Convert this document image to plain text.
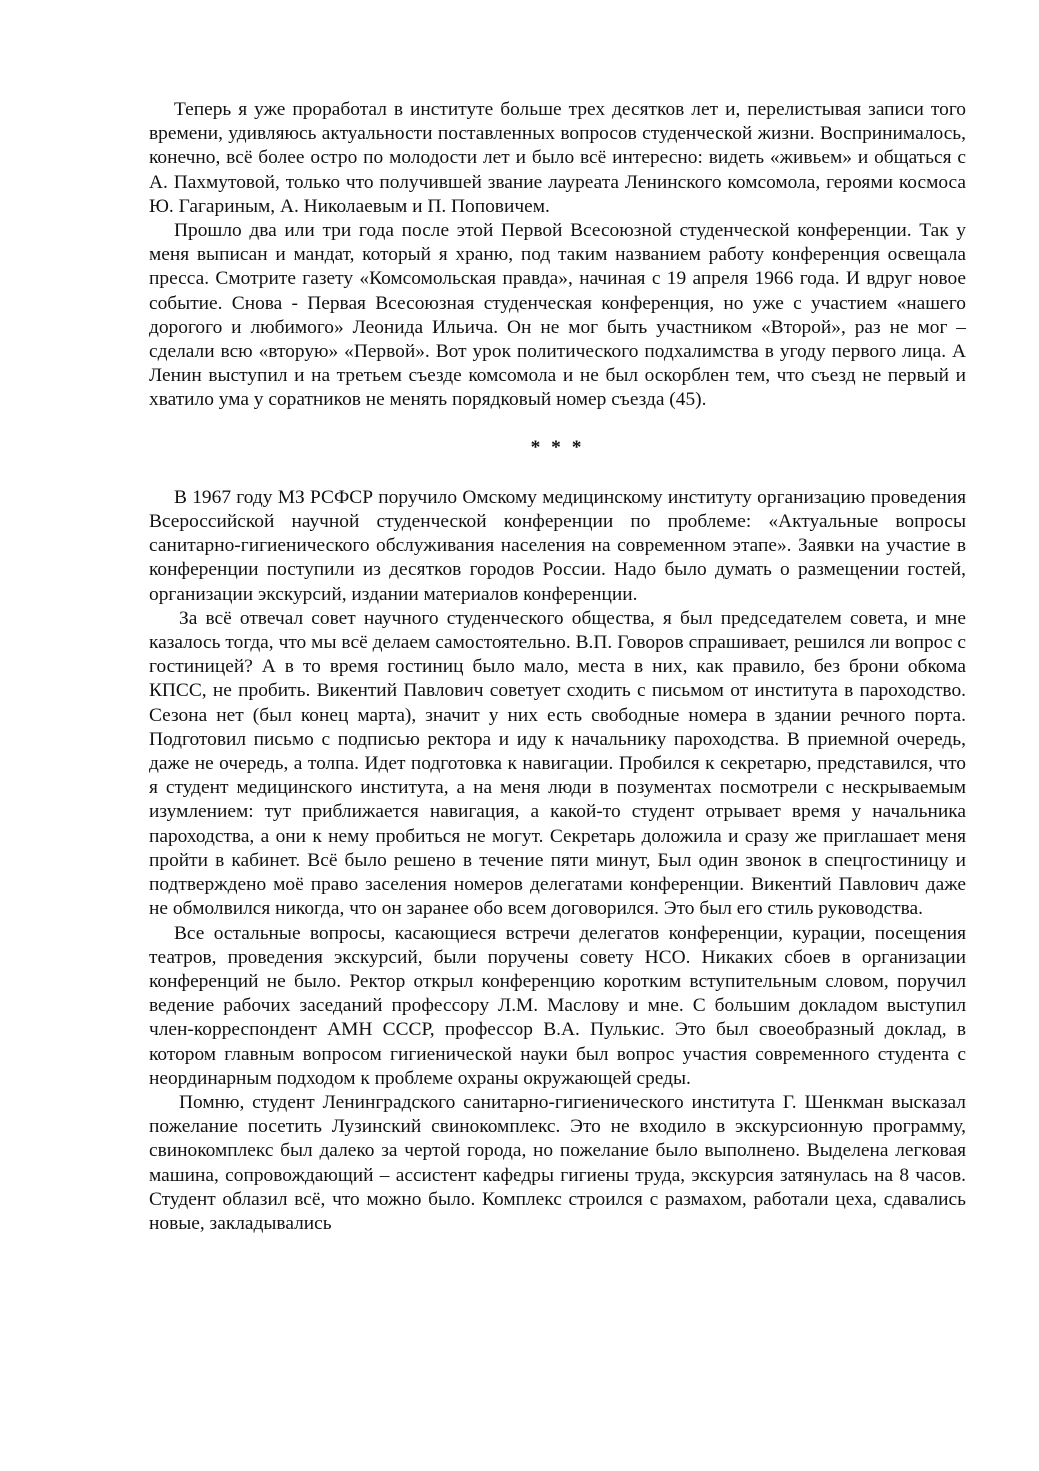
Теперь я уже проработал в институте больше трех десятков лет и, перелистывая записи того времени, удивляюсь актуальности поставленных вопросов студенческой жизни. Воспринималось, конечно, всё более остро по молодости лет и было всё интересно: видеть «живьем» и общаться с А. Пахмутовой, только что получившей звание лауреата Ленинского комсомола, героями космоса Ю. Гагариным, А. Николаевым и П. Поповичем.

Прошло два или три года после этой Первой Всесоюзной студенческой конференции. Так у меня выписан и мандат, который я храню, под таким названием работу конференция освещала пресса. Смотрите газету «Комсомольская правда», начиная с 19 апреля 1966 года. И вдруг новое событие. Снова - Первая Всесоюзная студенческая конференция, но уже с участием «нашего дорогого и любимого» Леонида Ильича. Он не мог быть участником «Второй», раз не мог – сделали всю «вторую» «Первой». Вот урок политического подхалимства в угоду первого лица. А Ленин выступил и на третьем съезде комсомола и не был оскорблен тем, что съезд не первый и хватило ума у соратников не менять порядковый номер съезда (45).

* * *

В 1967 году МЗ РСФСР поручило Омскому медицинскому институту организацию проведения Всероссийской научной студенческой конференции по проблеме: «Актуальные вопросы санитарно-гигиенического обслуживания населения на современном этапе». Заявки на участие в конференции поступили из десятков городов России. Надо было думать о размещении гостей, организации экскурсий, издании материалов конференции.

За всё отвечал совет научного студенческого общества, я был председателем совета, и мне казалось тогда, что мы всё делаем самостоятельно. В.П. Говоров спрашивает, решился ли вопрос с гостиницей? А в то время гостиниц было мало, места в них, как правило, без брони обкома КПСС, не пробить. Викентий Павлович советует сходить с письмом от института в пароходство. Сезона нет (был конец марта), значит у них есть свободные номера в здании речного порта. Подготовил письмо с подписью ректора и иду к начальнику пароходства. В приемной очередь, даже не очередь, а толпа. Идет подготовка к навигации. Пробился к секретарю, представился, что я студент медицинского института, а на меня люди в позументах посмотрели с нескрываемым изумлением: тут приближается навигация, а какой-то студент отрывает время у начальника пароходства, а они к нему пробиться не могут. Секретарь доложила и сразу же приглашает меня пройти в кабинет. Всё было решено в течение пяти минут, Был один звонок в спецгостиницу и подтверждено моё право заселения номеров делегатами конференции. Викентий Павлович даже не обмолвился никогда, что он заранее обо всем договорился. Это был его стиль руководства.

Все остальные вопросы, касающиеся встречи делегатов конференции, курации, посещения театров, проведения экскурсий, были поручены совету НСО. Никаких сбоев в организации конференций не было. Ректор открыл конференцию коротким вступительным словом, поручил ведение рабочих заседаний профессору Л.М. Маслову и мне. С большим докладом выступил член-корреспондент АМН СССР, профессор В.А. Пулькис. Это был своеобразный доклад, в котором главным вопросом гигиенической науки был вопрос участия современного студента с неординарным подходом к проблеме охраны окружающей среды.

Помню, студент Ленинградского санитарно-гигиенического института Г. Шенкман высказал пожелание посетить Лузинский свинокомплекс. Это не входило в экскурсионную программу, свинокомплекс был далеко за чертой города, но пожелание было выполнено. Выделена легковая машина, сопровождающий – ассистент кафедры гигиены труда, экскурсия затянулась на 8 часов. Студент облазил всё, что можно было. Комплекс строился с размахом, работали цеха, сдавались новые, закладывались
